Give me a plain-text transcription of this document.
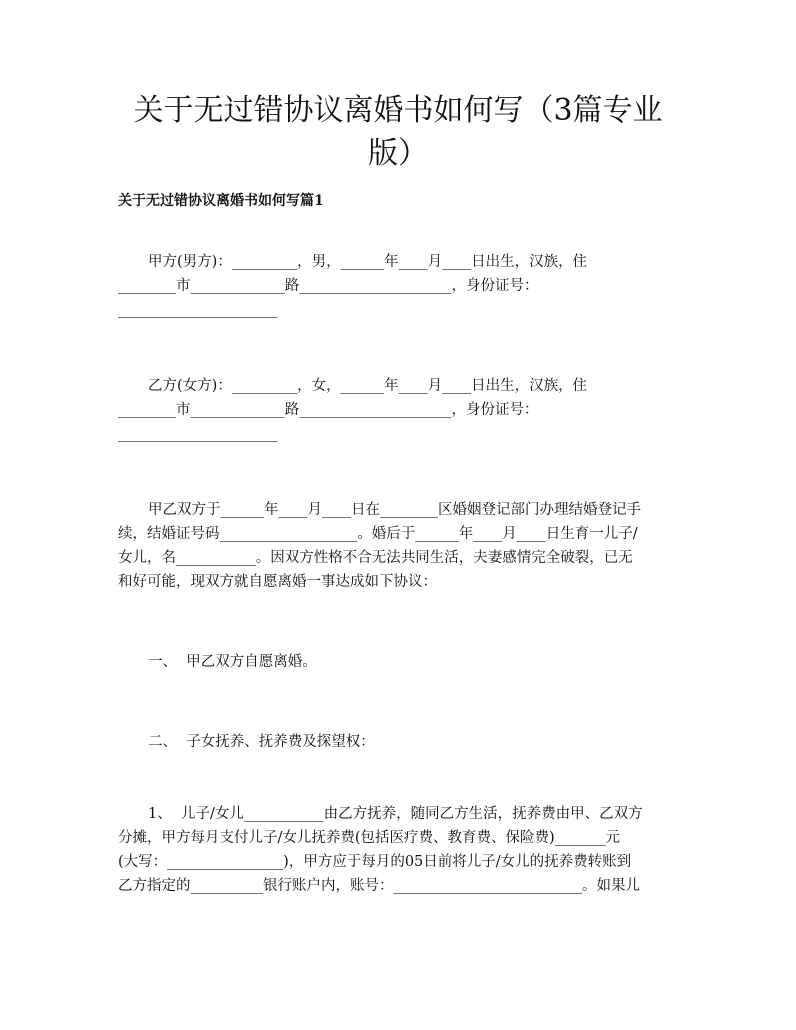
关于无过错协议离婚书如何写（3篇专业
版）

关于无过错协议离婚书如何写篇1

甲方(男方)：_________，男，______年____月____日出生，汉族，住
________市_____________路_____________________，身份证号：
______________________
乙方(女方)：_________，女，______年____月____日出生，汉族，住
________市_____________路_____________________，身份证号：
______________________
甲乙双方于______年____月____日在________区婚姻登记部门办理结婚登记手
续，结婚证号码___________________。婚后于______年____月____日生育一儿子/
女儿，名___________。因双方性格不合无法共同生活，夫妻感情完全破裂，已无
和好可能，现双方就自愿离婚一事达成如下协议：
一、  甲乙双方自愿离婚。
二、  子女抚养、抚养费及探望权：
1、  儿子/女儿___________由乙方抚养，随同乙方生活，抚养费由甲、乙双方
分摊，甲方每月支付儿子/女儿抚养费(包括医疗费、教育费、保险费)_______元
(大写：________________)，甲方应于每月的05日前将儿子/女儿的抚养费转账到
乙方指定的__________银行账户内，账号：__________________________。如果儿
